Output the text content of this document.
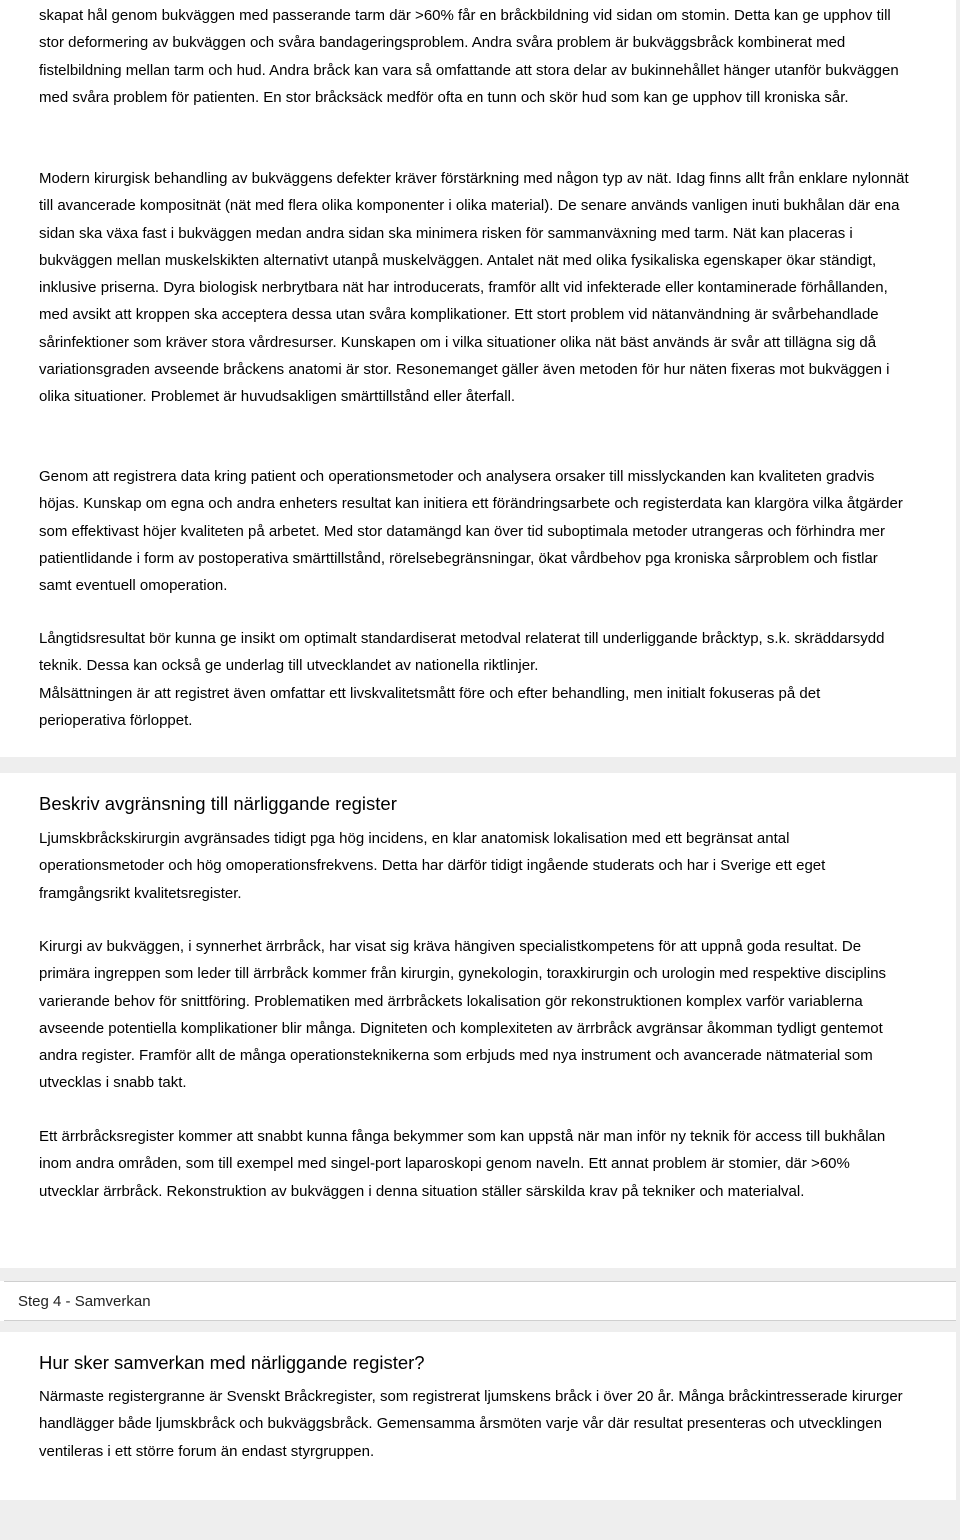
skapat hål genom bukväggen med passerande tarm där >60% får en bråckbildning vid sidan om stomin. Detta kan ge upphov till stor deformering av bukväggen och svåra bandageringsproblem. Andra svåra problem är bukväggsbråck kombinerat med fistelbildning mellan tarm och hud. Andra bråck kan vara så omfattande att stora delar av bukinnehållet hänger utanför bukväggen med svåra problem för patienten. En stor bråcksäck medför ofta en tunn och skör hud som kan ge upphov till kroniska sår.

Modern kirurgisk behandling av bukväggens defekter kräver förstärkning med någon typ av nät. Idag finns allt från enklare nylonnät till avancerade kompositnät (nät med flera olika komponenter i olika material). De senare används vanligen inuti bukhålan där ena sidan ska växa fast i bukväggen medan andra sidan ska minimera risken för sammanväxning med tarm. Nät kan placeras i bukväggen mellan muskelskikten alternativt utanpå muskelväggen. Antalet nät med olika fysikaliska egenskaper ökar ständigt, inklusive priserna. Dyra biologisk nerbrytbara nät har introducerats, framför allt vid infekterade eller kontaminerade förhållanden, med avsikt att kroppen ska acceptera dessa utan svåra komplikationer. Ett stort problem vid nätanvändning är svårbehandlade sårinfektioner som kräver stora vårdresurser. Kunskapen om i vilka situationer olika nät bäst används är svår att tillägna sig då variationsgraden avseende bråckens anatomi är stor. Resonemanget gäller även metoden för hur näten fixeras mot bukväggen i olika situationer. Problemet är huvudsakligen smärttillstånd eller återfall.

Genom att registrera data kring patient och operationsmetoder och analysera orsaker till misslyckanden kan kvaliteten gradvis höjas. Kunskap om egna och andra enheters resultat kan initiera ett förändringsarbete och registerdata kan klargöra vilka åtgärder som effektivast höjer kvaliteten på arbetet. Med stor datamängd kan över tid suboptimala metoder utrangeras och förhindra mer patientlidande i form av postoperativa smärttillstånd, rörelsebegränsningar, ökat vårdbehov pga kroniska sårproblem och fistlar samt eventuell omoperation.

Långtidsresultat bör kunna ge insikt om optimalt standardiserat metodval relaterat till underliggande bråcktyp, s.k. skräddarsydd teknik. Dessa kan också ge underlag till utvecklandet av nationella riktlinjer.

Målsättningen är att registret även omfattar ett livskvalitetsmått före och efter behandling, men initialt fokuseras på det perioperativa förloppet.

Beskriv avgränsning till närliggande register

Ljumskbråckskirurgin avgränsades tidigt pga hög incidens, en klar anatomisk lokalisation med ett begränsat antal operationsmetoder och hög omoperationsfrekvens. Detta har därför tidigt ingående studerats och har i Sverige ett eget framgångsrikt kvalitetsregister.

Kirurgi av bukväggen, i synnerhet ärrbråck, har visat sig kräva hängiven specialistkompetens för att uppnå goda resultat. De primära ingreppen som leder till ärrbråck kommer från kirurgin, gynekologin, toraxkirurgin och urologin med respektive disciplins varierande behov för snittföring. Problematiken med ärrbråckets lokalisation gör rekonstruktionen komplex varför variablerna avseende potentiella komplikationer blir många. Digniteten och komplexiteten av ärrbråck avgränsar åkomman tydligt gentemot andra register. Framför allt de många operationsteknikerna som erbjuds med nya instrument och avancerade nätmaterial som utvecklas i snabb takt.

Ett ärrbråcksregister kommer att snabbt kunna fånga bekymmer som kan uppstå när man inför ny teknik för access till bukhålan inom andra områden, som till exempel med singel-port laparoskopi genom naveln. Ett annat problem är stomier, där >60% utvecklar ärrbråck. Rekonstruktion av bukväggen i denna situation ställer särskilda krav på tekniker och materialval.

Steg 4 - Samverkan
Hur sker samverkan med närliggande register?

Närmaste registergranne är Svenskt Bråckregister, som registrerat ljumskens bråck i över 20 år. Många bråckintresserade kirurger handlägger både ljumskbråck och bukväggsbråck. Gemensamma årsmöten varje vår där resultat presenteras och utvecklingen ventileras i ett större forum än endast styrgruppen.
